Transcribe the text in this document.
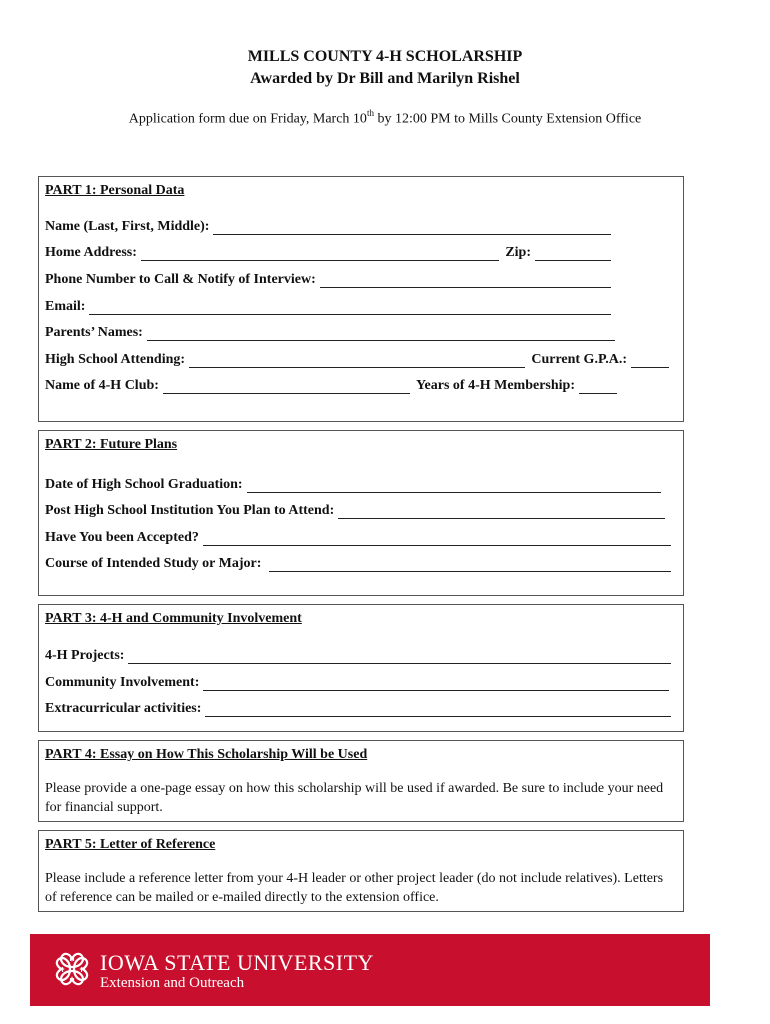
MILLS COUNTY 4-H SCHOLARSHIP
Awarded by Dr Bill and Marilyn Rishel
Application form due on Friday, March 10th by 12:00 PM to Mills County Extension Office
PART 1: Personal Data
Name (Last, First, Middle):
Home Address:	Zip:
Phone Number to Call & Notify of Interview:
Email:
Parents’ Names:
High School Attending:	Current G.P.A.:
Name of 4-H Club:	Years of 4-H Membership:
PART 2: Future Plans
Date of High School Graduation:
Post High School Institution You Plan to Attend:
Have You been Accepted?
Course of Intended Study or Major:
PART 3: 4-H and Community Involvement
4-H Projects:
Community Involvement:
Extracurricular activities:
PART 4: Essay on How This Scholarship Will be Used
Please provide a one-page essay on how this scholarship will be used if awarded. Be sure to include your need for financial support.
PART 5: Letter of Reference
Please include a reference letter from your 4-H leader or other project leader (do not include relatives). Letters of reference can be mailed or e-mailed directly to the extension office.
H
H
H H IOWA STATE UNIVERSITY
Extension and Outreach
